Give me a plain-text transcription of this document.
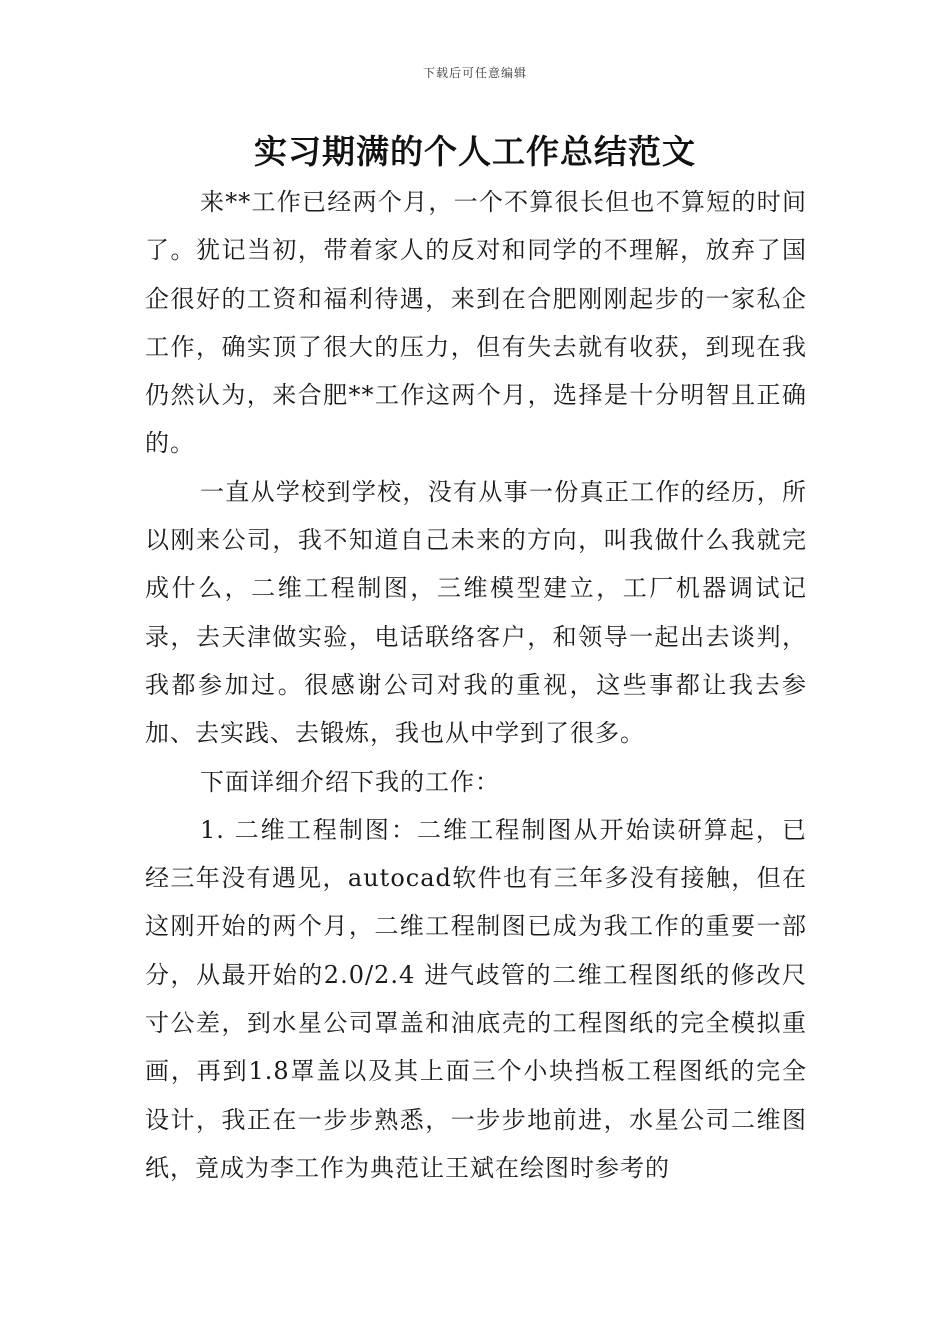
下载后可任意编辑
实习期满的个人工作总结范文

来**工作已经两个月，一个不算很长但也不算短的时间了。犹记当初，带着家人的反对和同学的不理解，放弃了国企很好的工资和福利待遇，来到在合肥刚刚起步的一家私企工作，确实顶了很大的压力，但有失去就有收获，到现在我仍然认为，来合肥**工作这两个月，选择是十分明智且正确的。

一直从学校到学校，没有从事一份真正工作的经历，所以刚来公司，我不知道自己未来的方向，叫我做什么我就完成什么，二维工程制图，三维模型建立，工厂机器调试记录，去天津做实验，电话联络客户，和领导一起出去谈判，我都参加过。很感谢公司对我的重视，这些事都让我去参加、去实践、去锻炼，我也从中学到了很多。

下面详细介绍下我的工作：

1. 二维工程制图：二维工程制图从开始读研算起，已经三年没有遇见，autocad软件也有三年多没有接触，但在这刚开始的两个月，二维工程制图已成为我工作的重要一部分，从最开始的2.0/2.4 进气歧管的二维工程图纸的修改尺寸公差，到水星公司罩盖和油底壳的工程图纸的完全模拟重画，再到1.8罩盖以及其上面三个小块挡板工程图纸的完全设计，我正在一步步熟悉，一步步地前进，水星公司二维图纸，竟成为李工作为典范让王斌在绘图时参考的
